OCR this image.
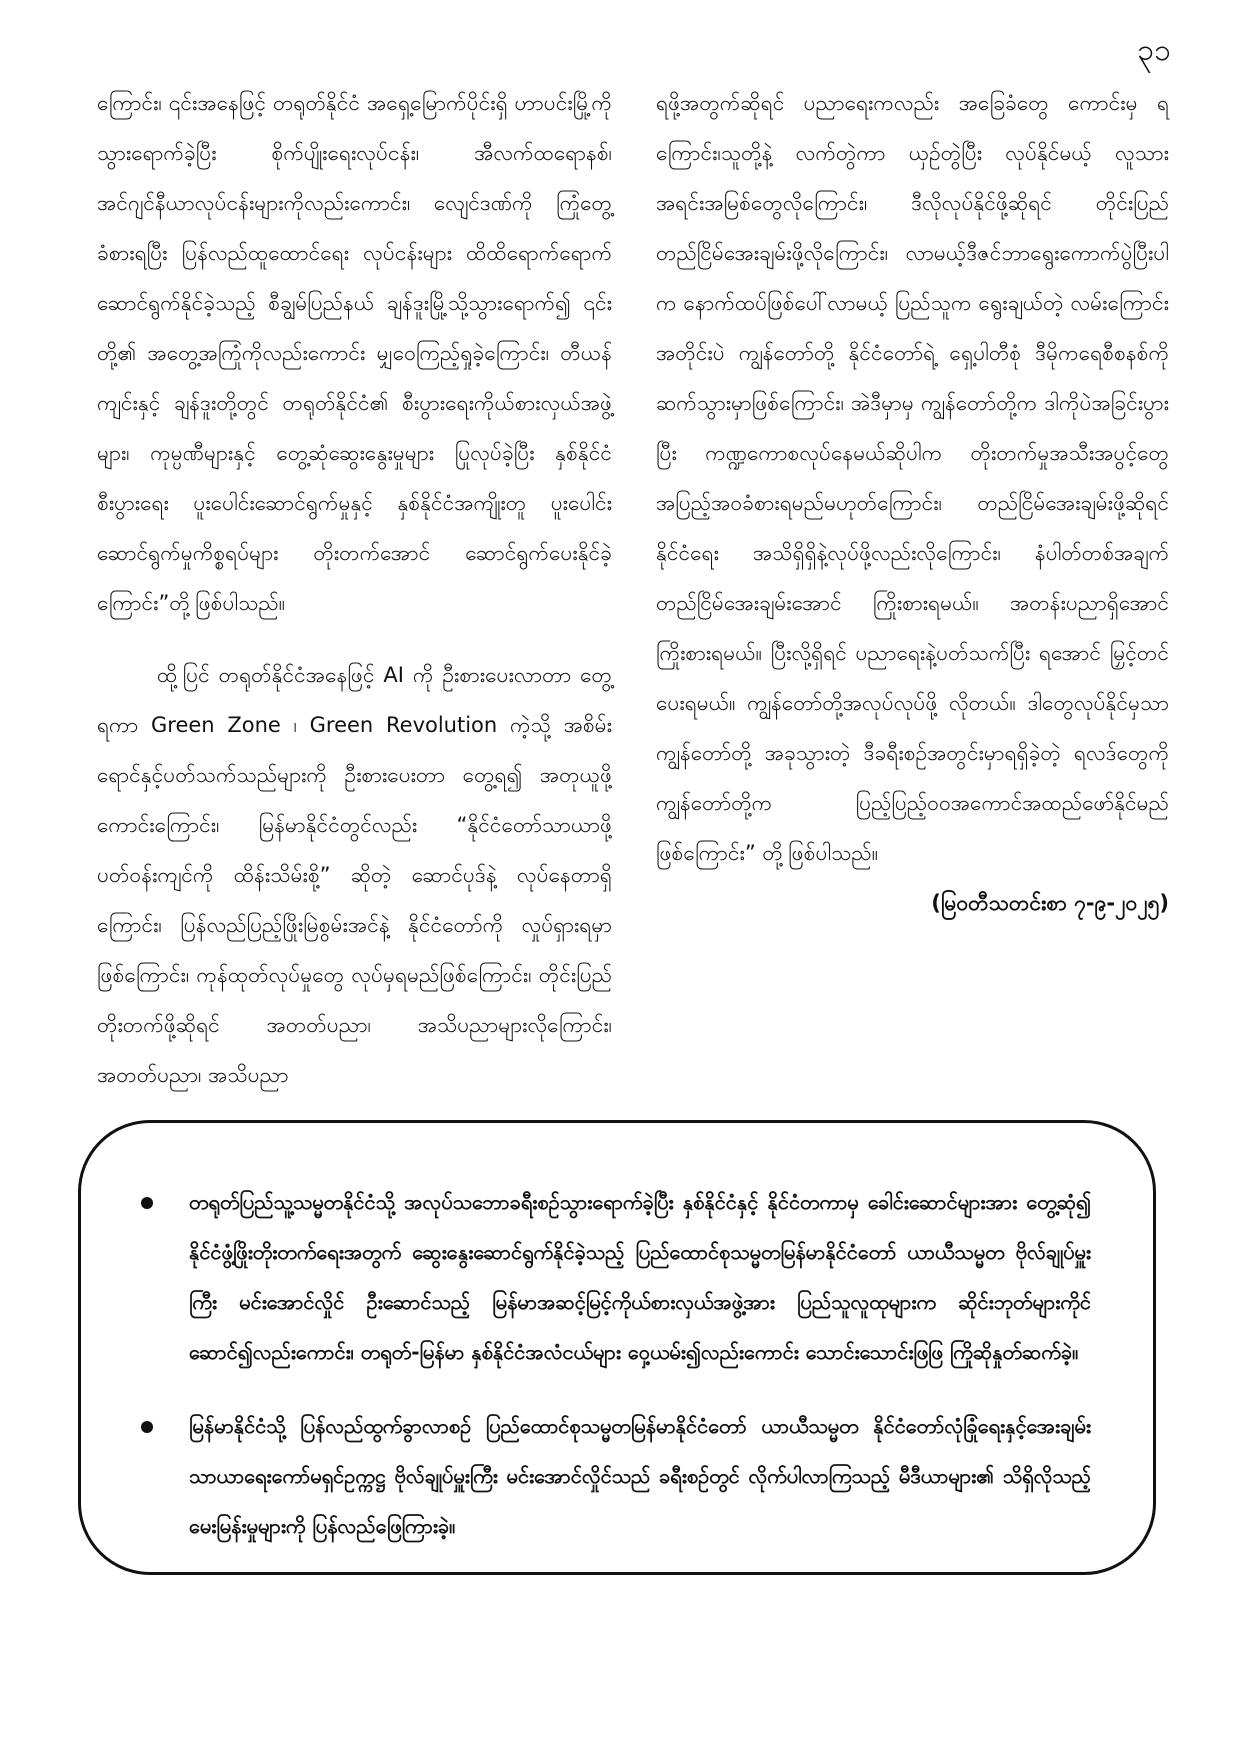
၃၁

ကြောင်း၊ ၎င်းအနေဖြင့် တရုတ်နိုင်ငံ အရှေ့မြောက်ပိုင်းရှိ ဟာပင်းမြို့ကို သွားရောက်ခဲ့ပြီး စိုက်ပျိုးရေးလုပ်ငန်း၊ အီလက်ထရောနစ်၊ အင်ဂျင်နီယာလုပ်ငန်းများကိုလည်းကောင်း၊ လျေင်ဒဏ်ကို ကြုံတွေ့ခံစားရပြီး ပြန်လည်ထူထောင်ရေး လုပ်ငန်းများ ထိထိရောက်ရောက်ဆောင်ရွက်နိုင်ခဲ့သည့် စီချွမ်ပြည်နယ် ချန်ဒူးမြို့သို့သွားရောက်၍ ၎င်းတို့၏ အတွေ့အကြုံကိုလည်းကောင်း မျှဝေကြည့်ရှုခဲ့ကြောင်း၊ တီယန်ကျင်းနှင့် ချန်ဒူးတို့တွင် တရုတ်နိုင်ငံ၏ စီးပွားရေးကိုယ်စားလှယ်အဖွဲ့များ၊ ကုမ္ပဏီများနှင့် တွေ့ဆုံဆွေးနွေးမှုများ ပြုလုပ်ခဲ့ပြီး နှစ်နိုင်ငံစီးပွားရေး ပူးပေါင်းဆောင်ရွက်မှုနှင့် နှစ်နိုင်ငံအကျိုးတူ ပူးပေါင်းဆောင်ရွက်မှုကိစ္စရပ်များ တိုးတက်အောင် ဆောင်ရွက်ပေးနိုင်ခဲ့ကြောင်း”တို့ဖြစ်ပါသည်။

ထို့ပြင် တရုတ်နိုင်ငံအနေဖြင့် AI ကို ဦးစားပေးလာတာ တွေ့ရကာ Green Zone ၊ Green Revolution ကဲ့သို့ အစိမ်းရောင်နှင့်ပတ်သက်သည်များကို ဦးစားပေးတာ တွေ့ရ၍ အတုယူဖို့ကောင်းကြောင်း၊ မြန်မာနိုင်ငံတွင်လည်း “နိုင်ငံတော်သာယာဖို့ ပတ်ဝန်းကျင်ကို ထိန်းသိမ်းစို့” ဆိုတဲ့ ဆောင်ပုဒ်နဲ့ လုပ်နေတာရှိကြောင်း၊ ပြန်လည်ပြည့်ဖြိုးမြဲစွမ်းအင်နဲ့ နိုင်ငံတော်ကို လှုပ်ရှားရမှာဖြစ်ကြောင်း၊ ကုန်ထုတ်လုပ်မှုတွေ လုပ်မှရမည်ဖြစ်ကြောင်း၊ တိုင်းပြည်တိုးတက်ဖို့ဆိုရင် အတတ်ပညာ၊ အသိပညာများလိုကြောင်း၊ အတတ်ပညာ၊ အသိပညာ

ရဖို့အတွက်ဆိုရင် ပညာရေးကလည်း အခြေခံတွေ ကောင်းမှ ရကြောင်း၊သူတို့နဲ့ လက်တွဲကာ ယှဉ်တွဲပြီး လုပ်နိုင်မယ့် လူသားအရင်းအမြစ်တွေလိုကြောင်း၊ ဒီလိုလုပ်နိုင်ဖို့ဆိုရင် တိုင်းပြည် တည်ငြိမ်အေးချမ်းဖို့လိုကြောင်း၊ လာမယ့်ဒီဇင်ဘာရွေးကောက်ပွဲပြီးပါက နောက်ထပ်ဖြစ်ပေါ်လာမယ့် ပြည်သူက ရွေးချယ်တဲ့ လမ်းကြောင်းအတိုင်းပဲ ကျွန်တော်တို့ နိုင်ငံတော်ရဲ့ ရှေ့ပါတီစုံ ဒီမိုကရေစီစနစ်ကို ဆက်သွားမှာဖြစ်ကြောင်း၊ အဲဒီမှာမှ ကျွန်တော်တို့က ဒါကိုပဲအခြင်းပွားပြီး ကဏ္ဍကောစလုပ်နေမယ်ဆိုပါက တိုးတက်မှုအသီးအပွင့်တွေ အပြည့်အဝခံစားရမည်မဟုတ်ကြောင်း၊ တည်ငြိမ်အေးချမ်းဖို့ဆိုရင် နိုင်ငံရေး အသိရှိရှိနဲ့လုပ်ဖို့လည်းလိုကြောင်း၊ နံပါတ်တစ်အချက် တည်ငြိမ်အေးချမ်းအောင် ကြိုးစားရမယ်။ အတန်းပညာရှိအောင် ကြိုးစားရမယ်။ ပြီးလို့ရှိရင် ပညာရေးနဲ့ပတ်သက်ပြီး ရအောင် မြှင့်တင်ပေးရမယ်။ ကျွန်တော်တို့အလုပ်လုပ်ဖို့ လိုတယ်။ ဒါတွေလုပ်နိုင်မှသာ ကျွန်တော်တို့ အခုသွားတဲ့ ဒီခရီးစဉ်အတွင်းမှာရရှိခဲ့တဲ့ ရလဒ်တွေကို ကျွန်တော်တို့က ပြည့်ပြည့်ဝဝအကောင်အထည်ဖော်နိုင်မည်ဖြစ်ကြောင်း” တို့ဖြစ်ပါသည်။

(မြဝတီသတင်းစာ ၇-၉-၂၀၂၅)

တရုတ်ပြည်သူ့သမ္မတနိုင်ငံသို့ အလုပ်သဘောခရီးစဉ်သွားရောက်ခဲ့ပြီး နှစ်နိုင်ငံနှင့် နိုင်ငံတကာမှ ခေါင်းဆောင်များအား တွေ့ဆုံ၍ နိုင်ငံဖွံ့ဖြိုးတိုးတက်ရေးအတွက် ဆွေးနွေးဆောင်ရွက်နိုင်ခဲ့သည့် ပြည်ထောင်စုသမ္မတမြန်မာနိုင်ငံတော် ယာယီသမ္မတ ဗိုလ်ချုပ်မှူးကြီး မင်းအောင်လှိုင် ဦးဆောင်သည့် မြန်မာအဆင့်မြင့်ကိုယ်စားလှယ်အဖွဲ့အား ပြည်သူလူထုများက ဆိုင်းဘုတ်များကိုင်ဆောင်၍လည်းကောင်း၊ တရုတ်-မြန်မာ နှစ်နိုင်ငံအလံငယ်များ ဝှေ့ယမ်း၍လည်းကောင်း သောင်းသောင်းဖြဖြ ကြိုဆိုနှုတ်ဆက်ခဲ့။
မြန်မာနိုင်ငံသို့ ပြန်လည်ထွက်ခွာလာစဉ် ပြည်ထောင်စုသမ္မတမြန်မာနိုင်ငံတော် ယာယီသမ္မတ နိုင်ငံတော်လုံခြုံရေးနှင့်အေးချမ်းသာယာရေးကော်မရှင်ဥက္ကဋ္ဌ ဗိုလ်ချုပ်မှူးကြီး မင်းအောင်လှိုင်သည် ခရီးစဉ်တွင် လိုက်ပါလာကြသည့် မီဒီယာများ၏ သိရှိလိုသည့်မေးမြန်းမှုများကို ပြန်လည်ဖြေကြားခဲ့။
